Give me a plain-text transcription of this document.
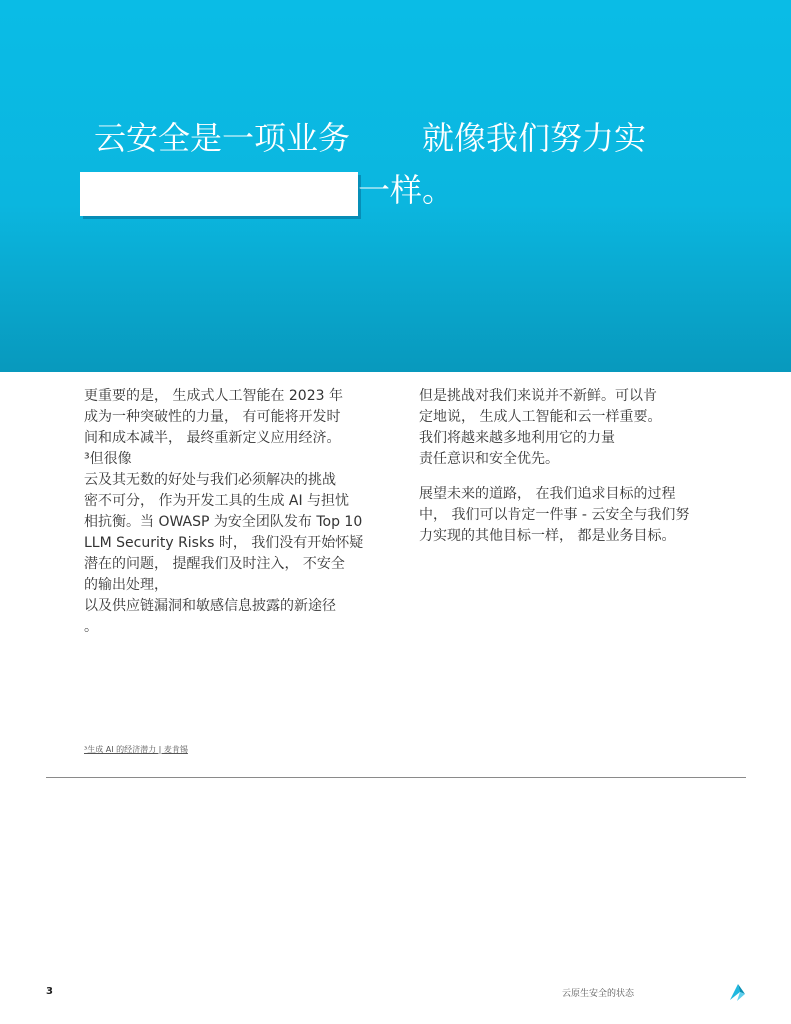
云安全是一项业务 就像我们努力实
一样。

更重要的是， 生成式人工智能在 2023 年

成为一种突破性的力量， 有可能将开发时

间和成本减半， 最终重新定义应用经济。

³但很像

云及其无数的好处与我们必须解决的挑战

密不可分， 作为开发工具的生成 AI 与担忧

相抗衡。当 OWASP 为安全团队发布 Top 10

LLM Security Risks 时， 我们没有开始怀疑

潜在的问题， 提醒我们及时注入， 不安全

的输出处理，

以及供应链漏洞和敏感信息披露的新途径

。

但是挑战对我们来说并不新鲜。可以肯

定地说， 生成人工智能和云一样重要。

我们将越来越多地利用它的力量

责任意识和安全优先。

展望未来的道路， 在我们追求目标的过程

中， 我们可以肯定一件事 - 云安全与我们努

力实现的其他目标一样， 都是业务目标。

³生成 AI 的经济潜力 | 麦肯锡
3	云原生安全的状态
